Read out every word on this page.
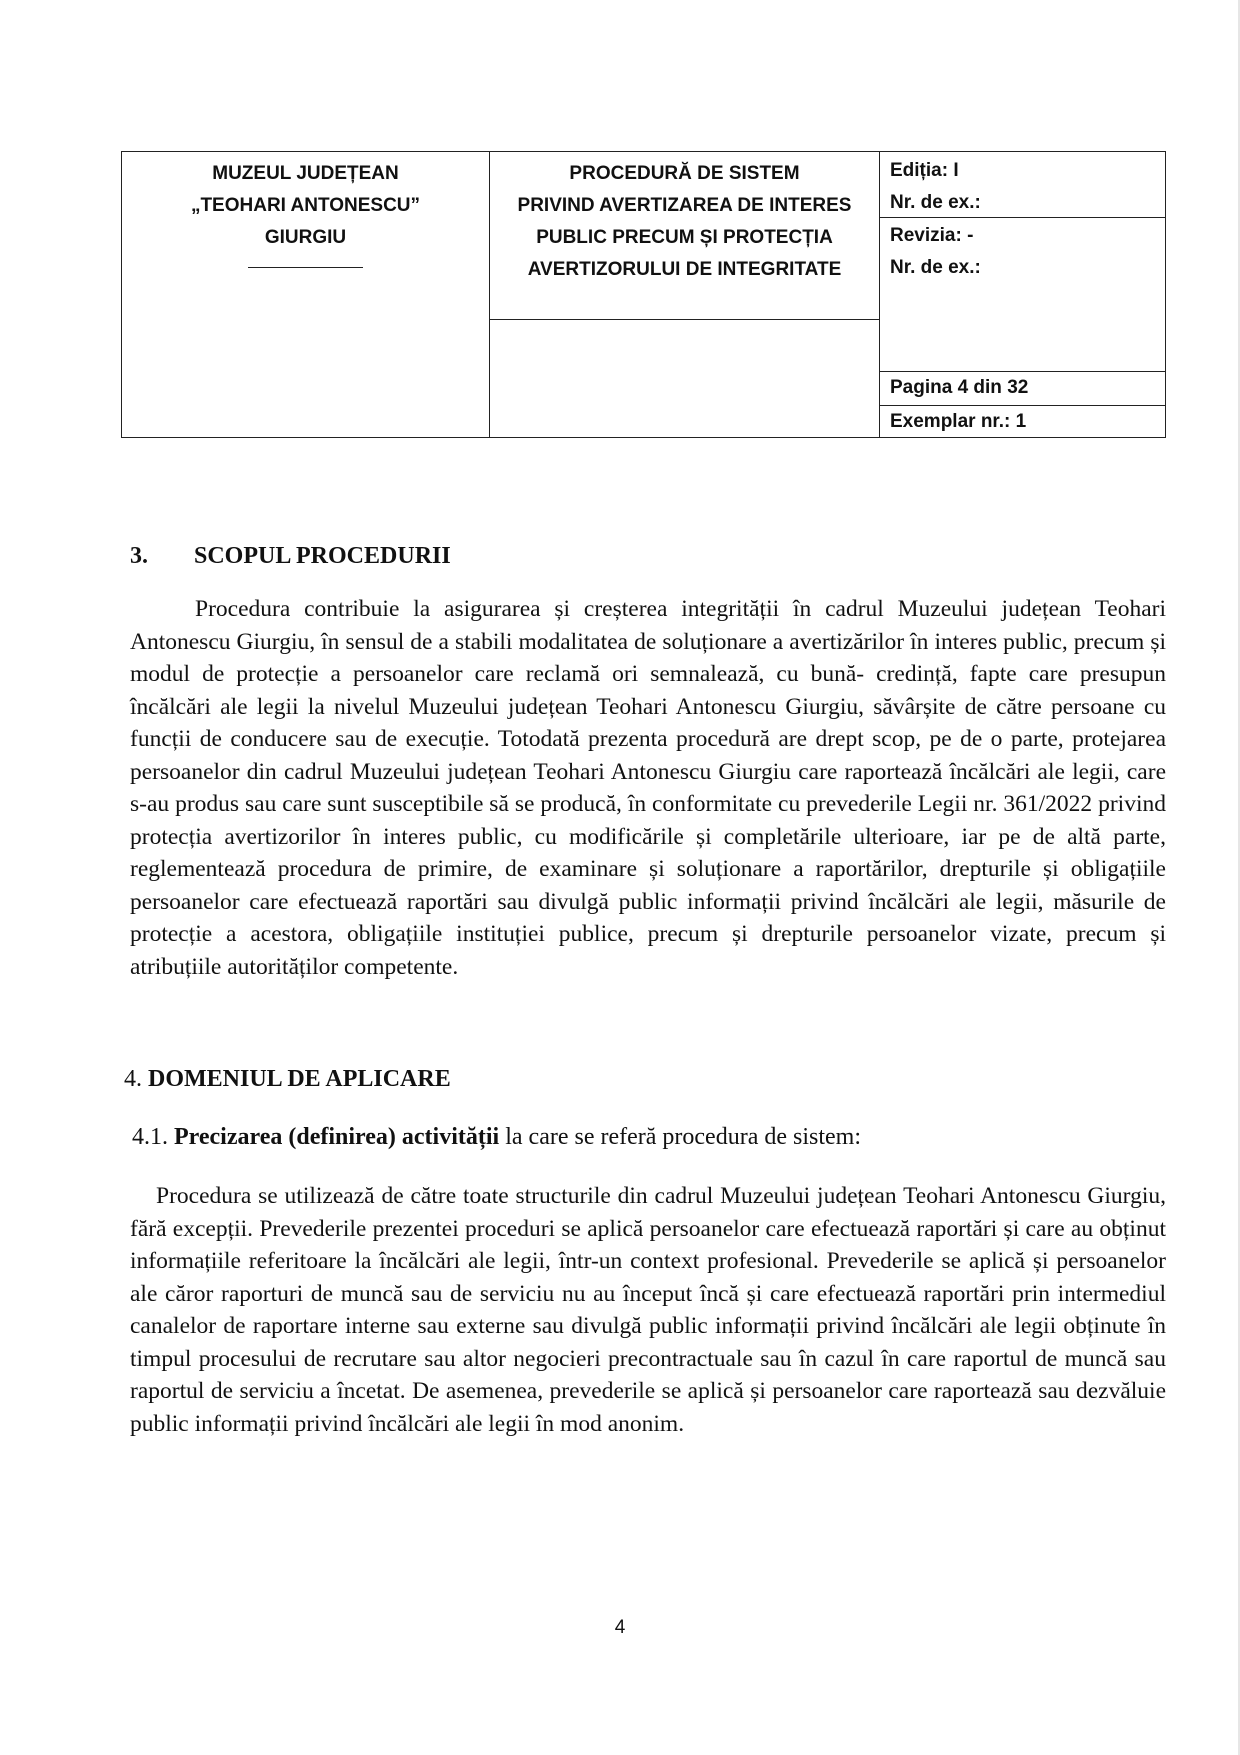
MUZEUL JUDEȚEAN
„TEOHARI ANTONESCU”
GIURGIU
PROCEDURĂ DE SISTEM
PRIVIND AVERTIZAREA DE INTERES
PUBLIC PRECUM ȘI PROTECȚIA
AVERTIZORULUI DE INTEGRITATE
Ediția: I
Nr. de ex.:
Revizia: -
Nr. de ex.:
Pagina 4 din 32
Exemplar nr.: 1
3. SCOPUL PROCEDURII

Procedura contribuie la asigurarea și creșterea integrității în cadrul Muzeului județean Teohari Antonescu Giurgiu, în sensul de a stabili modalitatea de soluționare a avertizărilor în interes public, precum și modul de protecție a persoanelor care reclamă ori semnalează, cu bună- credință, fapte care presupun încălcări ale legii la nivelul Muzeului județean Teohari Antonescu Giurgiu, săvârșite de către persoane cu funcții de conducere sau de execuție. Totodată prezenta procedură are drept scop, pe de o parte, protejarea persoanelor din cadrul Muzeului județean Teohari Antonescu Giurgiu care raportează încălcări ale legii, care s-au produs sau care sunt susceptibile să se producă, în conformitate cu prevederile Legii nr. 361/2022 privind protecția avertizorilor în interes public, cu modificările și completările ulterioare, iar pe de altă parte, reglementează procedura de primire, de examinare și soluționare a raportărilor, drepturile și obligațiile persoanelor care efectuează raportări sau divulgă public informații privind încălcări ale legii, măsurile de protecție a acestora, obligațiile instituției publice, precum și drepturile persoanelor vizate, precum și atribuțiile autorităților competente.

4. DOMENIUL DE APLICARE
4.1. Precizarea (definirea) activității la care se referă procedura de sistem:

Procedura se utilizează de către toate structurile din cadrul Muzeului județean Teohari Antonescu Giurgiu, fără excepții. Prevederile prezentei proceduri se aplică persoanelor care efectuează raportări și care au obținut informațiile referitoare la încălcări ale legii, într-un context profesional. Prevederile se aplică și persoanelor ale căror raporturi de muncă sau de serviciu nu au început încă și care efectuează raportări prin intermediul canalelor de raportare interne sau externe sau divulgă public informații privind încălcări ale legii obținute în timpul procesului de recrutare sau altor negocieri precontractuale sau în cazul în care raportul de muncă sau raportul de serviciu a încetat. De asemenea, prevederile se aplică și persoanelor care raportează sau dezvăluie public informații privind încălcări ale legii în mod anonim.

4
